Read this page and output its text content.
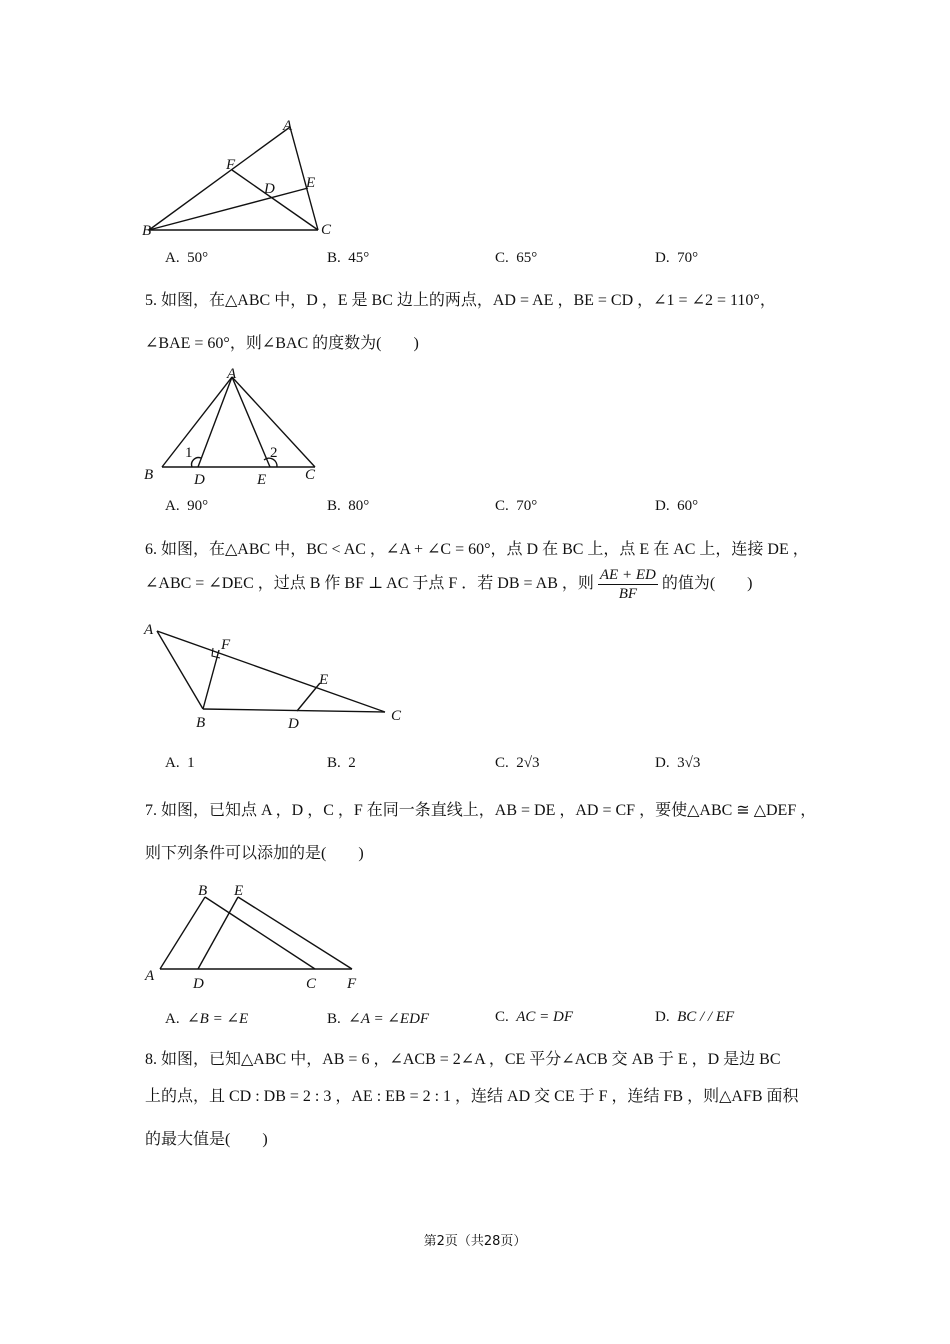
A
B	C
D E
F
A. 50°	B. 45°	C. 65°	D. 70°
5. 如图，在△ABC 中，D ，E 是 BC 边上的两点，AD = AE ，BE = CD ，∠1 = ∠2 = 110°，
∠BAE = 60°，则∠BAC 的度数为(　　)
A
B	C
D	E
1	2
A. 90°	B. 80°	C. 70°	D. 60°
6. 如图，在△ABC 中，BC < AC ，∠A + ∠C = 60°，点 D 在 BC 上，点 E 在 AC 上，连接 DE ，
∠ABC = ∠DEC ，过点 B 作 BF ⊥ AC 于点 F ．若 DB = AB ，则 $\frac{AE + ED}{BF}$ 的值为(　　)
A
B	C
D
E
F
A. 1	B. 2	C. 2√3	D. 3√3
7. 如图，已知点 A ，D ，C ，F 在同一条直线上，AB = DE ，AD = CF ，要使△ABC ≅ △DEF ，
则下列条件可以添加的是(　　)
B E
A	D	C F
A. ∠B = ∠E	B. ∠A = ∠EDF	C. AC = DF	D. BC / / EF
8. 如图，已知△ABC 中，AB = 6 ，∠ACB = 2∠A ，CE 平分∠ACB 交 AB 于 E ，D 是边 BC
上的点，且 CD : DB = 2 : 3 ，AE : EB = 2 : 1 ，连结 AD 交 CE 于 F ，连结 FB ，则△AFB 面积
的最大值是(　　)
第2页（共28页）
